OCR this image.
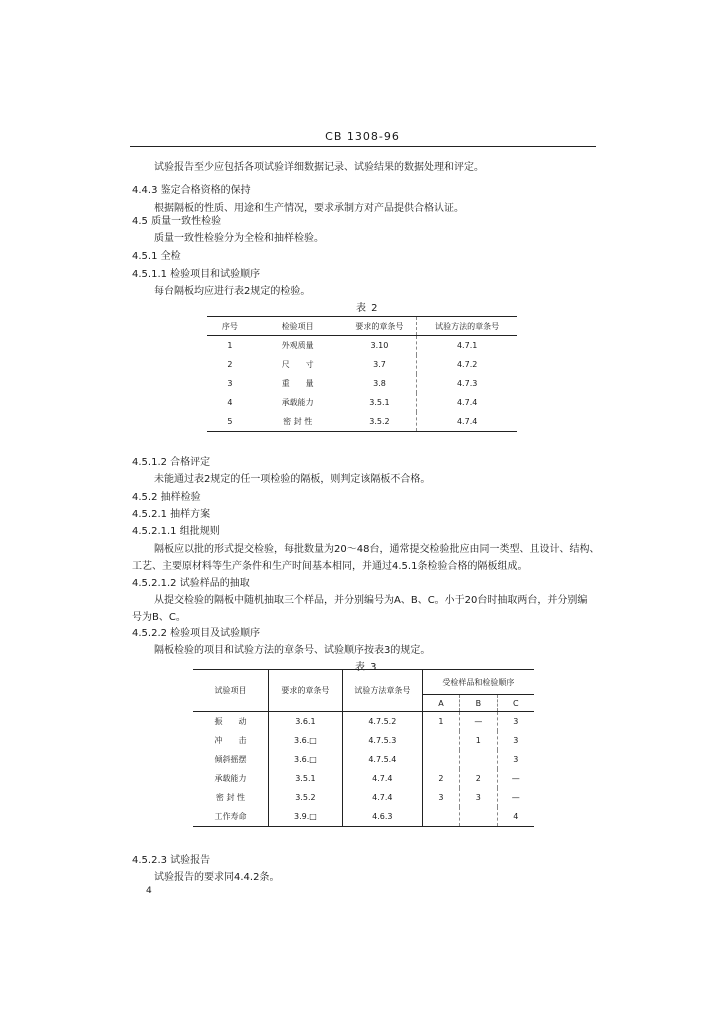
CB 1308-96
试验报告至少应包括各项试验详细数据记录、试验结果的数据处理和评定。
4.4.3 鉴定合格资格的保持
根据隔板的性质、用途和生产情况，要求承制方对产品提供合格认证。
4.5 质量一致性检验
质量一致性检验分为全检和抽样检验。
4.5.1 全检
4.5.1.1 检验项目和试验顺序
每台隔板均应进行表2规定的检验。
表 2
序号	检验项目	要求的章条号	试验方法的章条号
1	外观质量	3.10	4.7.1
2	尺　　寸	3.7	4.7.2
3	重　　量	3.8	4.7.3
4	承载能力	3.5.1	4.7.4
5	密 封 性	3.5.2	4.7.4
4.5.1.2 合格评定
未能通过表2规定的任一项检验的隔板，则判定该隔板不合格。
4.5.2 抽样检验
4.5.2.1 抽样方案
4.5.2.1.1 组批规则
隔板应以批的形式提交检验，每批数量为20～48台，通常提交检验批应由同一类型、且设计、结构、
工艺、主要原材料等生产条件和生产时间基本相同，并通过4.5.1条检验合格的隔板组成。
4.5.2.1.2 试验样品的抽取
从提交检验的隔板中随机抽取三个样品，并分别编号为A、B、C。小于20台时抽取两台，并分别编
号为B、C。
4.5.2.2 检验项目及试验顺序
隔板检验的项目和试验方法的章条号、试验顺序按表3的规定。
表 3
试验项目	要求的章条号	试验方法章条号	受检样品和检验顺序		
			A	B	C
振　　动	3.6.1	4.7.5.2	1	—	3
冲　　击	3.6.□	4.7.5.3		1	3
倾斜摇摆	3.6.□	4.7.5.4			3
承载能力	3.5.1	4.7.4	2	2	—
密 封 性	3.5.2	4.7.4	3	3	—
工作寿命	3.9.□	4.6.3			4
4.5.2.3 试验报告
试验报告的要求同4.4.2条。
4
